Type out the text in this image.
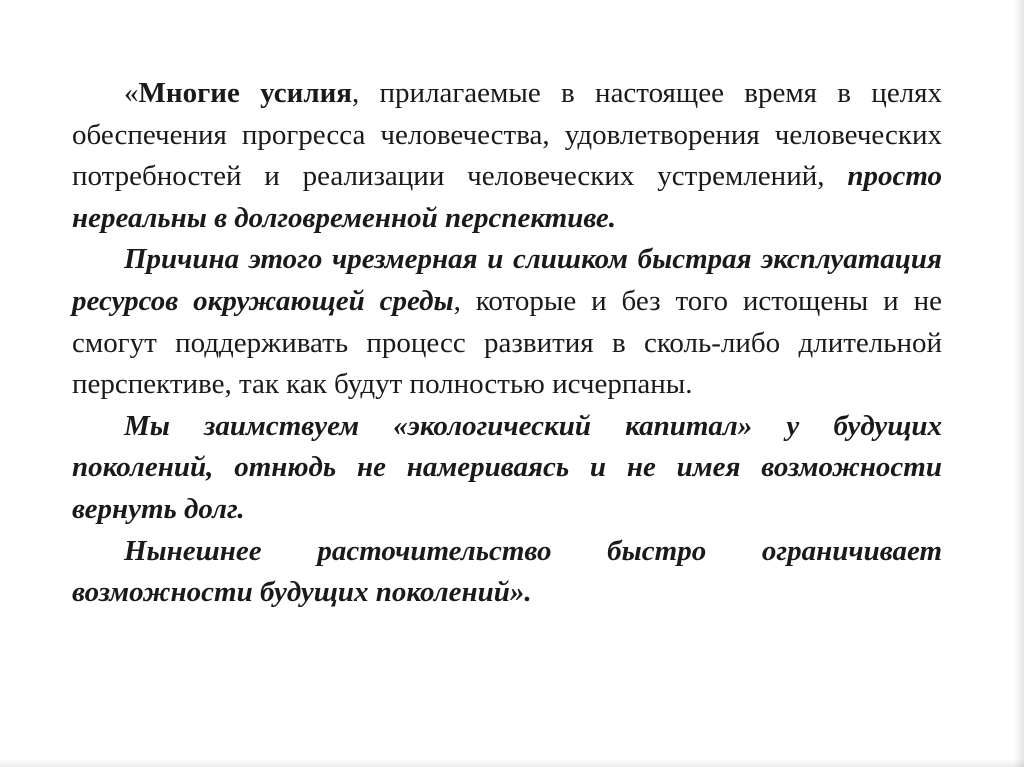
«Многие усилия, прилагаемые в настоящее время в целях обеспечения прогресса человечества, удовлетворения человеческих потребностей и реализации человеческих устремлений, просто нереальны в долговременной перспективе.

Причина этого чрезмерная и слишком быстрая эксплуатация ресурсов окружающей среды, которые и без того истощены и не смогут поддерживать процесс развития в сколь-либо длительной перспективе, так как будут полностью исчерпаны.

Мы заимствуем «экологический капитал» у будущих поколений, отнюдь не намериваясь и не имея возможности вернуть долг.

Нынешнее расточительство быстро ограничивает возможности будущих поколений».
